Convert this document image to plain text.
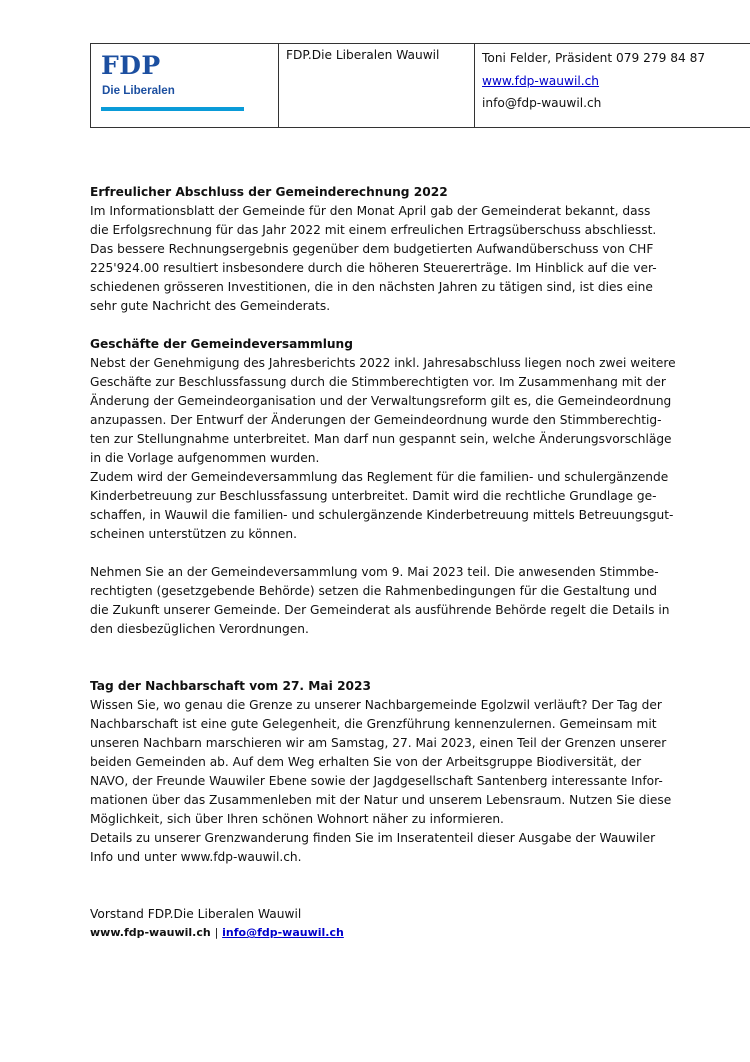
FDP
Die Liberalen
FDP.Die Liberalen Wauwil	Toni Felder, Präsident 079 279 84 87
www.fdp-wauwil.ch
info@fdp-wauwil.ch

Erfreulicher Abschluss der Gemeinderechnung 2022

Im Informationsblatt der Gemeinde für den Monat April gab der Gemeinderat bekannt, dass

die Erfolgsrechnung für das Jahr 2022 mit einem erfreulichen Ertragsüberschuss abschliesst.

Das bessere Rechnungsergebnis gegenüber dem budgetierten Aufwandüberschuss von CHF

225'924.00 resultiert insbesondere durch die höheren Steuererträge. Im Hinblick auf die ver-

schiedenen grösseren Investitionen, die in den nächsten Jahren zu tätigen sind, ist dies eine

sehr gute Nachricht des Gemeinderats.

Geschäfte der Gemeindeversammlung

Nebst der Genehmigung des Jahresberichts 2022 inkl. Jahresabschluss liegen noch zwei weitere

Geschäfte zur Beschlussfassung durch die Stimmberechtigten vor. Im Zusammenhang mit der

Änderung der Gemeindeorganisation und der Verwaltungsreform gilt es, die Gemeindeordnung

anzupassen. Der Entwurf der Änderungen der Gemeindeordnung wurde den Stimmberechtig-

ten zur Stellungnahme unterbreitet. Man darf nun gespannt sein, welche Änderungsvorschläge

in die Vorlage aufgenommen wurden.

Zudem wird der Gemeindeversammlung das Reglement für die familien- und schulergänzende

Kinderbetreuung zur Beschlussfassung unterbreitet. Damit wird die rechtliche Grundlage ge-

schaffen, in Wauwil die familien- und schulergänzende Kinderbetreuung mittels Betreuungsgut-

scheinen unterstützen zu können.

Nehmen Sie an der Gemeindeversammlung vom 9. Mai 2023 teil. Die anwesenden Stimmbe-

rechtigten (gesetzgebende Behörde) setzen die Rahmenbedingungen für die Gestaltung und

die Zukunft unserer Gemeinde. Der Gemeinderat als ausführende Behörde regelt die Details in

den diesbezüglichen Verordnungen.

Tag der Nachbarschaft vom 27. Mai 2023

Wissen Sie, wo genau die Grenze zu unserer Nachbargemeinde Egolzwil verläuft? Der Tag der

Nachbarschaft ist eine gute Gelegenheit, die Grenzführung kennenzulernen. Gemeinsam mit

unseren Nachbarn marschieren wir am Samstag, 27. Mai 2023, einen Teil der Grenzen unserer

beiden Gemeinden ab. Auf dem Weg erhalten Sie von der Arbeitsgruppe Biodiversität, der

NAVO, der Freunde Wauwiler Ebene sowie der Jagdgesellschaft Santenberg interessante Infor-

mationen über das Zusammenleben mit der Natur und unserem Lebensraum. Nutzen Sie diese

Möglichkeit, sich über Ihren schönen Wohnort näher zu informieren.

Details zu unserer Grenzwanderung finden Sie im Inseratenteil dieser Ausgabe der Wauwiler

Info und unter www.fdp-wauwil.ch.

Vorstand FDP.Die Liberalen Wauwil

www.fdp-wauwil.ch | info@fdp-wauwil.ch
